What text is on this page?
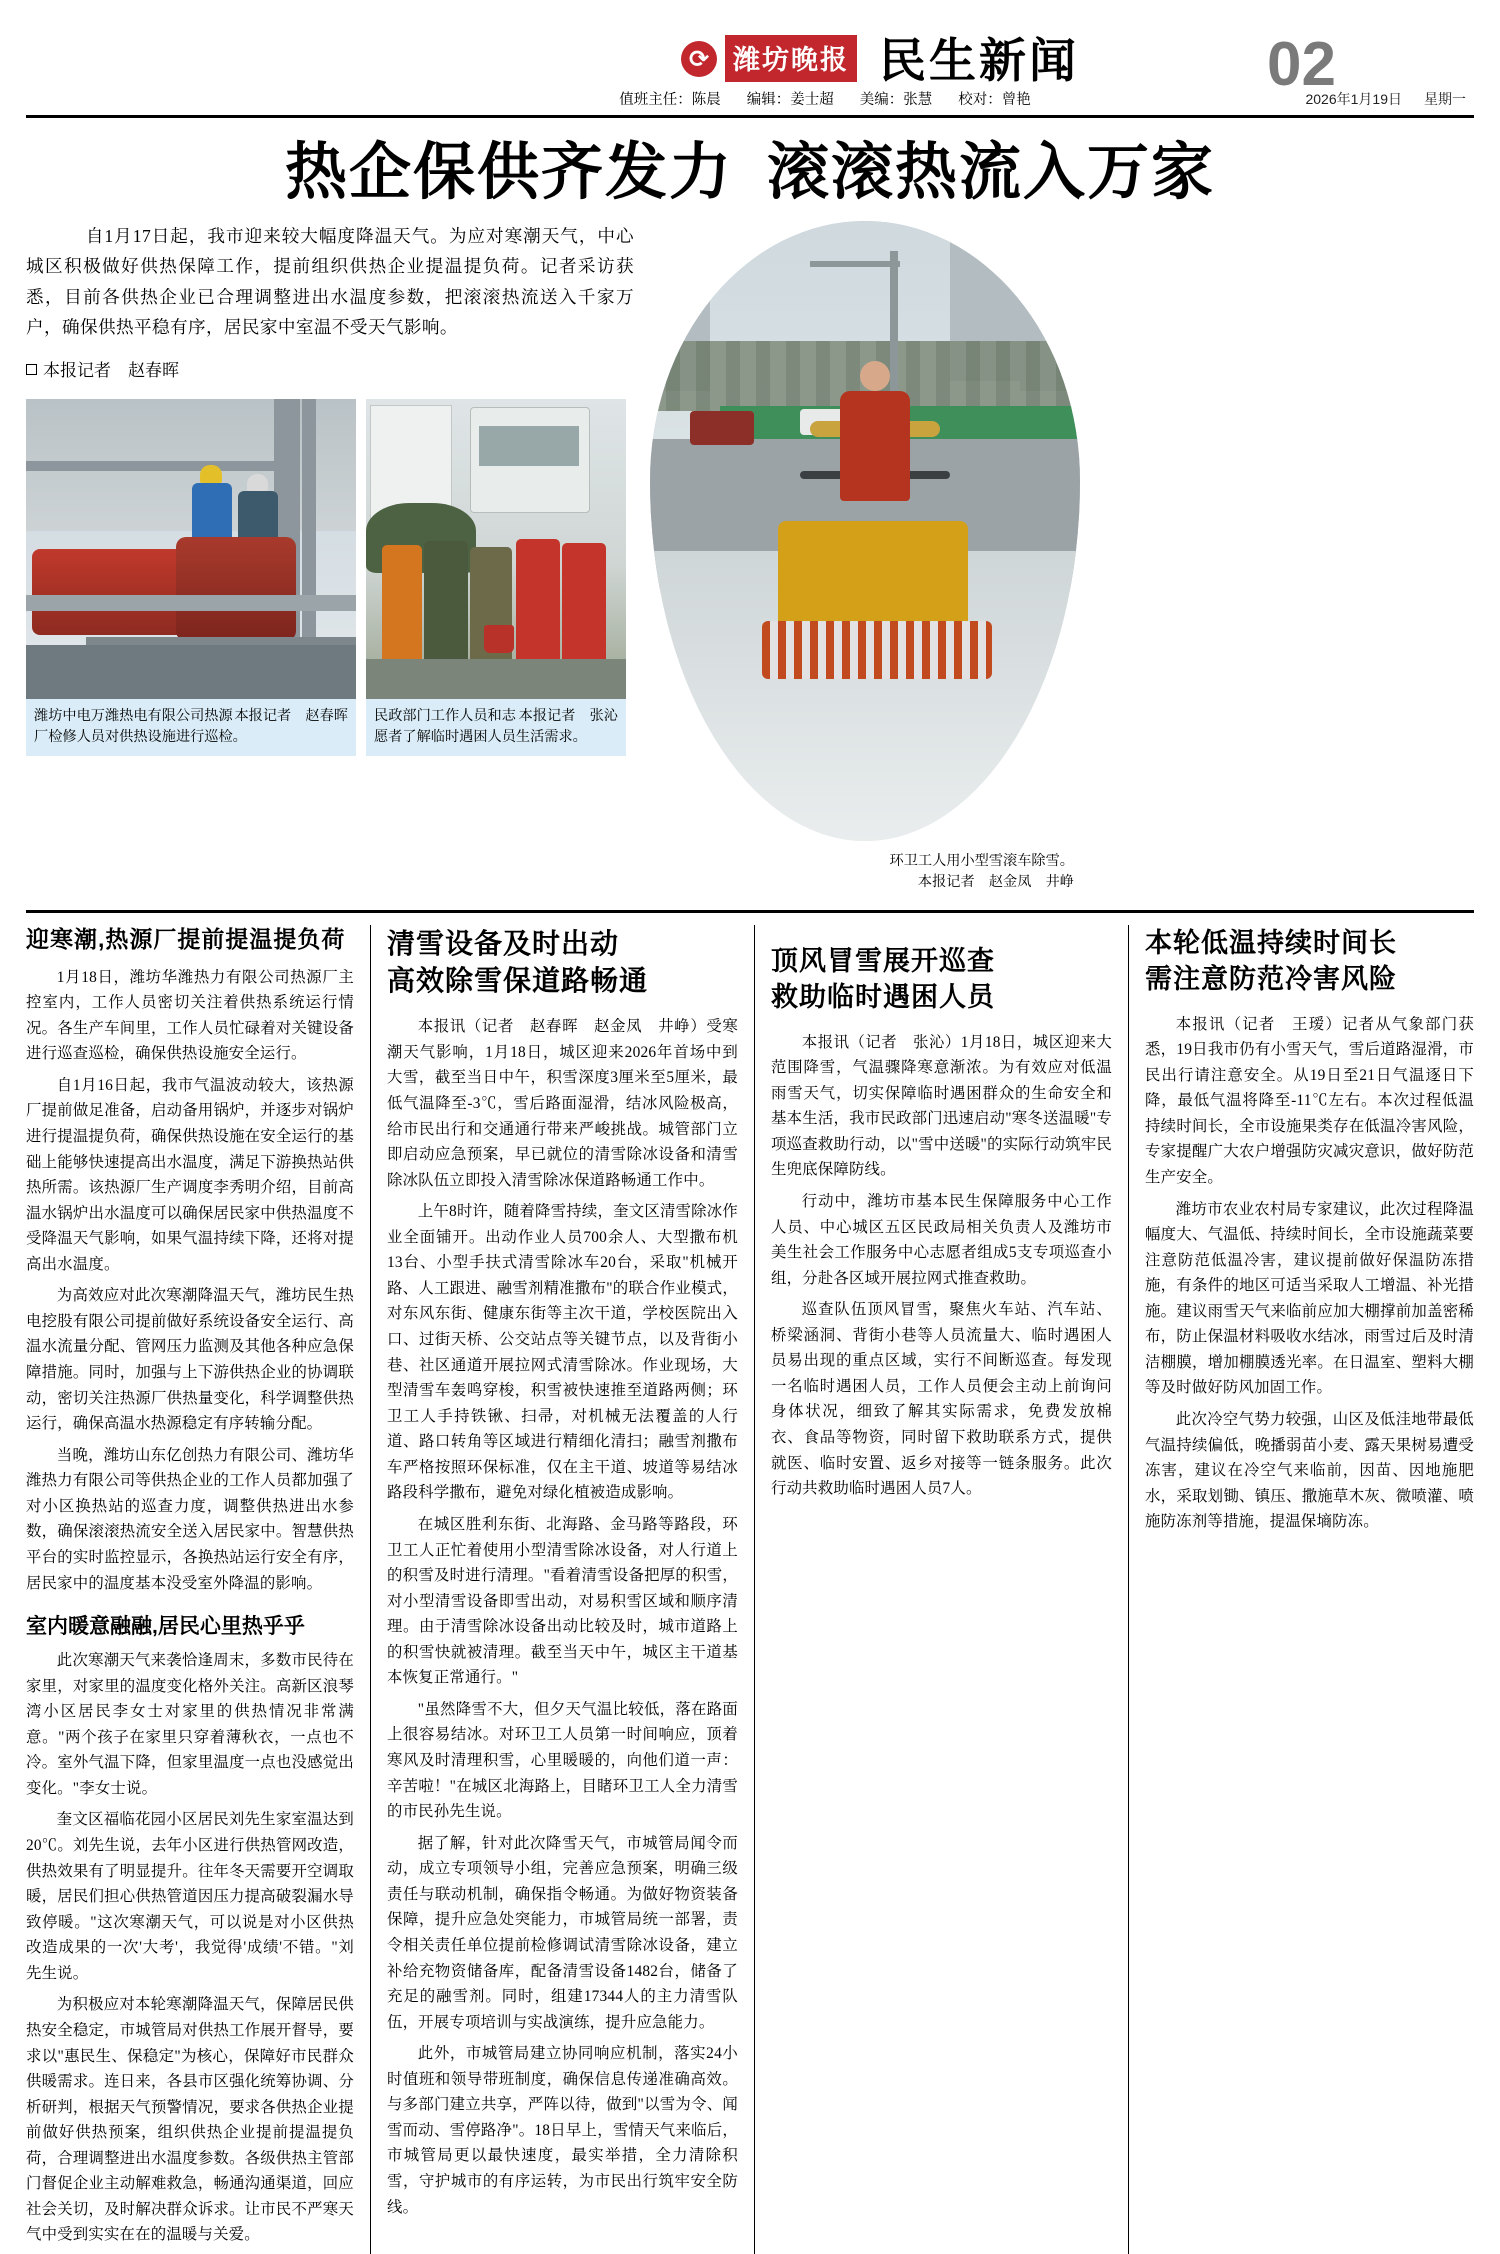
⟳ 潍坊晚报 民生新闻	02
值班主任：陈晨 编辑：姜士超 美编：张慧 校对：曾艳	2026年1月19日 星期一
热企保供齐发力 滚滚热流入万家
自1月17日起，我市迎来较大幅度降温天气。为应对寒潮天气，中心城区积极做好供热保障工作，提前组织供热企业提温提负荷。记者采访获悉，目前各供热企业已合理调整进出水温度参数，把滚滚热流送入千家万户，确保供热平稳有序，居民家中室温不受天气影响。
本报记者　赵春晖
本报记者　赵春晖
潍坊中电万潍热电有限公司热源厂检修人员对供热设施进行巡检。
本报记者　张沁
民政部门工作人员和志愿者了解临时遇困人员生活需求。
环卫工人用小型雪滚车除雪。
本报记者　赵金凤　井峥
迎寒潮,热源厂提前提温提负荷

1月18日，潍坊华潍热力有限公司热源厂主控室内，工作人员密切关注着供热系统运行情况。各生产车间里，工作人员忙碌着对关键设备进行巡查巡检，确保供热设施安全运行。

自1月16日起，我市气温波动较大，该热源厂提前做足准备，启动备用锅炉，并逐步对锅炉进行提温提负荷，确保供热设施在安全运行的基础上能够快速提高出水温度，满足下游换热站供热所需。该热源厂生产调度李秀明介绍，目前高温水锅炉出水温度可以确保居民家中供热温度不受降温天气影响，如果气温持续下降，还将对提高出水温度。

为高效应对此次寒潮降温天气，潍坊民生热电挖股有限公司提前做好系统设备安全运行、高温水流量分配、管网压力监测及其他各种应急保障措施。同时，加强与上下游供热企业的协调联动，密切关注热源厂供热量变化，科学调整供热运行，确保高温水热源稳定有序转输分配。

当晚，潍坊山东亿创热力有限公司、潍坊华潍热力有限公司等供热企业的工作人员都加强了对小区换热站的巡查力度，调整供热进出水参数，确保滚滚热流安全送入居民家中。智慧供热平台的实时监控显示，各换热站运行安全有序，居民家中的温度基本没受室外降温的影响。

室内暖意融融,居民心里热乎乎

此次寒潮天气来袭恰逢周末，多数市民待在家里，对家里的温度变化格外关注。高新区浪琴湾小区居民李女士对家里的供热情况非常满意。"两个孩子在家里只穿着薄秋衣，一点也不冷。室外气温下降，但家里温度一点也没感觉出变化。"李女士说。

奎文区福临花园小区居民刘先生家室温达到20℃。刘先生说，去年小区进行供热管网改造，供热效果有了明显提升。往年冬天需要开空调取暖，居民们担心供热管道因压力提高破裂漏水导致停暖。"这次寒潮天气，可以说是对小区供热改造成果的一次'大考'，我觉得'成绩'不错。"刘先生说。

为积极应对本轮寒潮降温天气，保障居民供热安全稳定，市城管局对供热工作展开督导，要求以"惠民生、保稳定"为核心，保障好市民群众供暖需求。连日来，各县市区强化统筹协调、分析研判，根据天气预警情况，要求各供热企业提前做好供热预案，组织供热企业提前提温提负荷，合理调整进出水温度参数。各级供热主管部门督促企业主动解难救急，畅通沟通渠道，回应社会关切，及时解决群众诉求。让市民不严寒天气中受到实实在在的温暖与关爱。

清雪设备及时出动
高效除雪保道路畅通

本报讯（记者　赵春晖　赵金凤　井峥）受寒潮天气影响，1月18日，城区迎来2026年首场中到大雪，截至当日中午，积雪深度3厘米至5厘米，最低气温降至-3℃，雪后路面湿滑，结冰风险极高，给市民出行和交通通行带来严峻挑战。城管部门立即启动应急预案，早已就位的清雪除冰设备和清雪除冰队伍立即投入清雪除冰保道路畅通工作中。

上午8时许，随着降雪持续，奎文区清雪除冰作业全面铺开。出动作业人员700余人、大型撒布机13台、小型手扶式清雪除冰车20台，采取"机械开路、人工跟进、融雪剂精准撒布"的联合作业模式，对东风东街、健康东街等主次干道，学校医院出入口、过街天桥、公交站点等关键节点，以及背街小巷、社区通道开展拉网式清雪除冰。作业现场，大型清雪车轰鸣穿梭，积雪被快速推至道路两侧；环卫工人手持铁锹、扫帚，对机械无法覆盖的人行道、路口转角等区域进行精细化清扫；融雪剂撒布车严格按照环保标准，仅在主干道、坡道等易结冰路段科学撒布，避免对绿化植被造成影响。

在城区胜利东街、北海路、金马路等路段，环卫工人正忙着使用小型清雪除冰设备，对人行道上的积雪及时进行清理。"看着清雪设备把厚的积雪，对小型清雪设备即雪出动，对易积雪区域和顺序清理。由于清雪除冰设备出动比较及时，城市道路上的积雪快就被清理。截至当天中午，城区主干道基本恢复正常通行。"

"虽然降雪不大，但夕天气温比较低，落在路面上很容易结冰。对环卫工人员第一时间响应，顶着寒风及时清理积雪，心里暖暖的，向他们道一声：辛苦啦！"在城区北海路上，目睹环卫工人全力清雪的市民孙先生说。

据了解，针对此次降雪天气，市城管局闻令而动，成立专项领导小组，完善应急预案，明确三级责任与联动机制，确保指令畅通。为做好物资装备保障，提升应急处突能力，市城管局统一部署，责令相关责任单位提前检修调试清雪除冰设备，建立补给充物资储备库，配备清雪设备1482台，储备了充足的融雪剂。同时，组建17344人的主力清雪队伍，开展专项培训与实战演练，提升应急能力。

此外，市城管局建立协同响应机制，落实24小时值班和领导带班制度，确保信息传递准确高效。与多部门建立共享，严阵以待，做到"以雪为令、闻雪而动、雪停路净"。18日早上，雪情天气来临后，市城管局更以最快速度，最实举措，全力清除积雪，守护城市的有序运转，为市民出行筑牢安全防线。

顶风冒雪展开巡查
救助临时遇困人员

本报讯（记者　张沁）1月18日，城区迎来大范围降雪，气温骤降寒意渐浓。为有效应对低温雨雪天气，切实保障临时遇困群众的生命安全和基本生活，我市民政部门迅速启动"寒冬送温暖"专项巡查救助行动，以"雪中送暖"的实际行动筑牢民生兜底保障防线。

行动中，潍坊市基本民生保障服务中心工作人员、中心城区五区民政局相关负责人及潍坊市美生社会工作服务中心志愿者组成5支专项巡查小组，分赴各区域开展拉网式推查救助。

巡查队伍顶风冒雪，聚焦火车站、汽车站、桥梁涵洞、背街小巷等人员流量大、临时遇困人员易出现的重点区域，实行不间断巡查。每发现一名临时遇困人员，工作人员便会主动上前询问身体状况，细致了解其实际需求，免费发放棉衣、食品等物资，同时留下救助联系方式，提供就医、临时安置、返乡对接等一链条服务。此次行动共救助临时遇困人员7人。

本轮低温持续时间长
需注意防范冷害风险

本报讯（记者　王瑷）记者从气象部门获悉，19日我市仍有小雪天气，雪后道路湿滑，市民出行请注意安全。从19日至21日气温逐日下降，最低气温将降至-11℃左右。本次过程低温持续时间长，全市设施果类存在低温冷害风险，专家提醒广大农户增强防灾减灾意识，做好防范生产安全。

潍坊市农业农村局专家建议，此次过程降温幅度大、气温低、持续时间长，全市设施蔬菜要注意防范低温冷害，建议提前做好保温防冻措施，有条件的地区可适当采取人工增温、补光措施。建议雨雪天气来临前应加大棚撑前加盖密稀布，防止保温材料吸收水结冰，雨雪过后及时清洁棚膜，增加棚膜透光率。在日温室、塑料大棚等及时做好防风加固工作。

此次冷空气势力较强，山区及低洼地带最低气温持续偏低，晚播弱苗小麦、露天果树易遭受冻害，建议在冷空气来临前，因苗、因地施肥水，采取划锄、镇压、撒施草木灰、微喷灌、喷施防冻剂等措施，提温保墒防冻。
